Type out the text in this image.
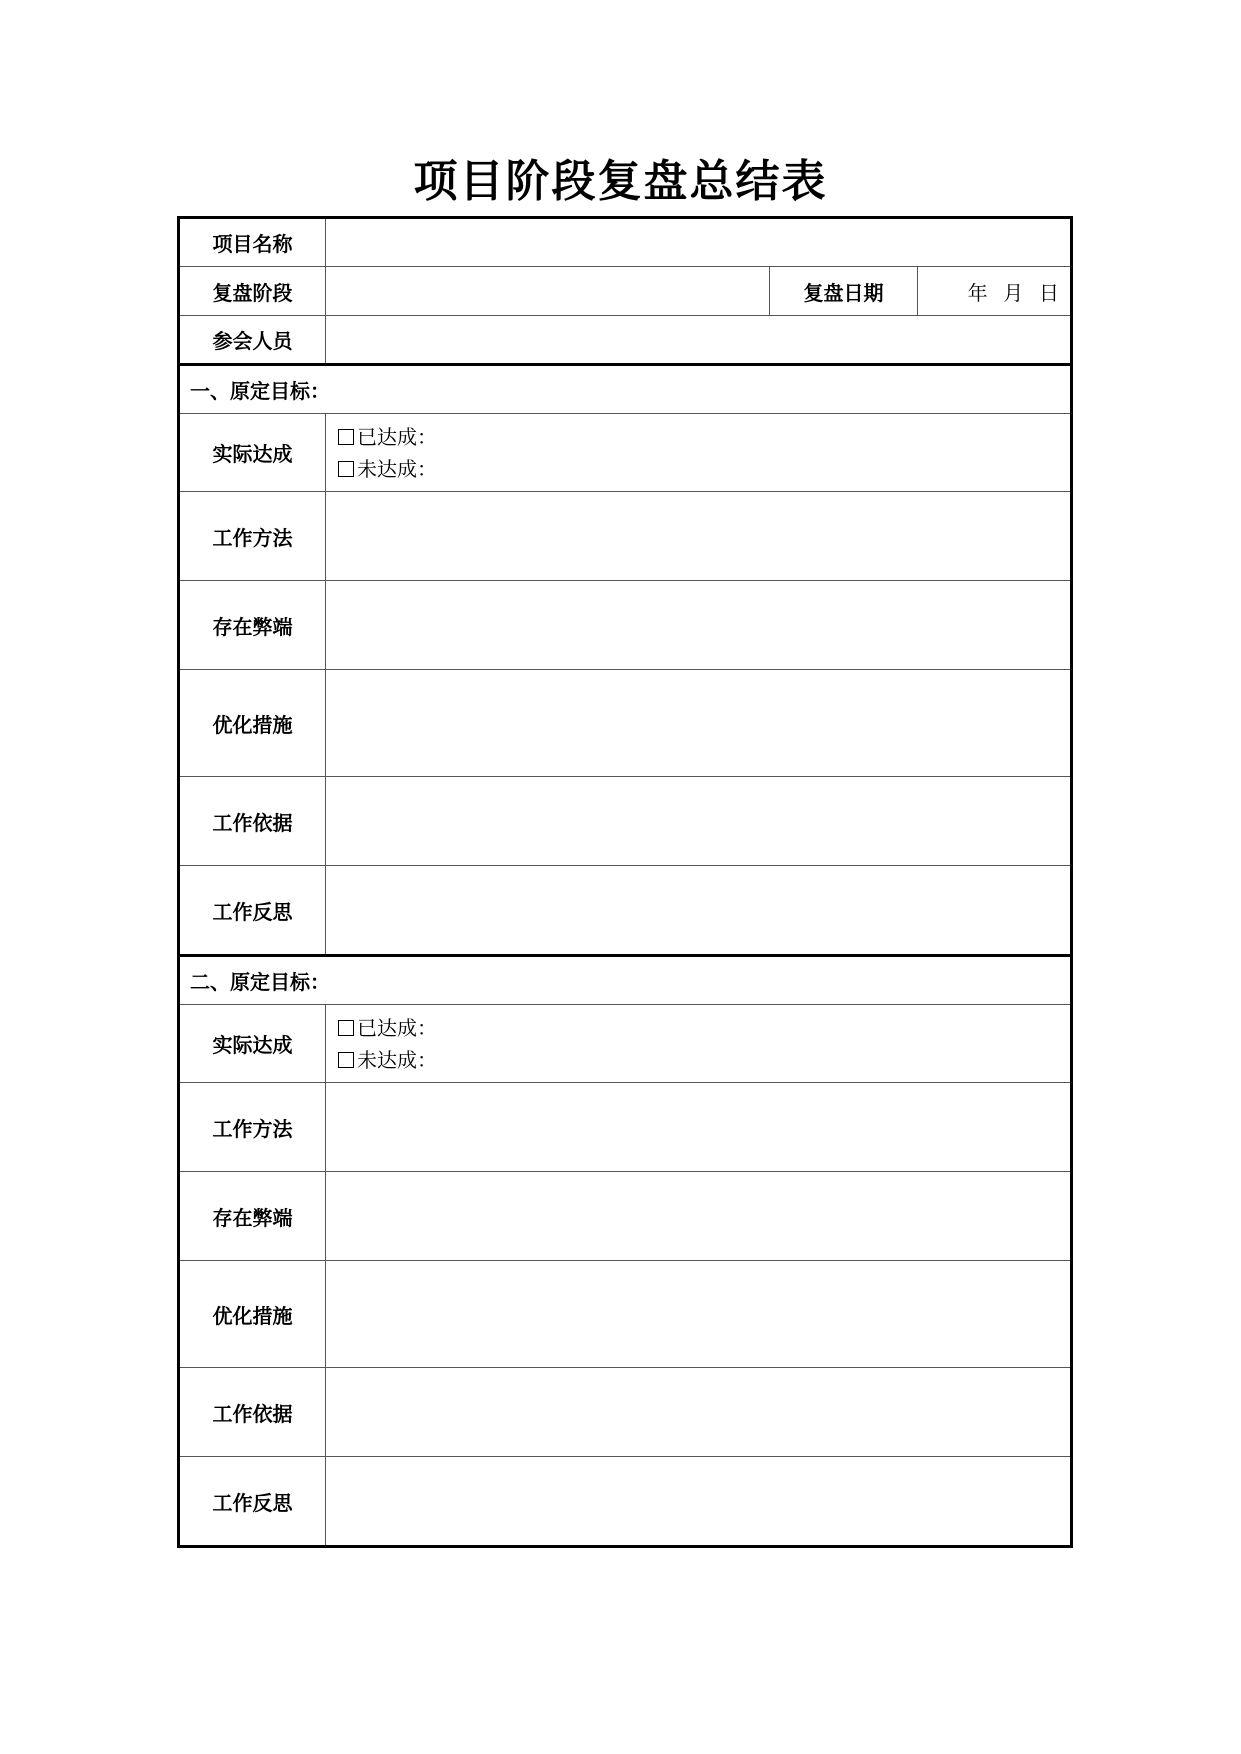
项目阶段复盘总结表
项目名称			
复盘阶段		复盘日期	年  月  日
参会人员			
一、原定目标：			
实际达成	已达成：
未达成：		

工作方法			
存在弊端			
优化措施			
工作依据			
工作反思			
二、原定目标：			
实际达成	已达成：
未达成：		

工作方法			
存在弊端			
优化措施			
工作依据			
工作反思			
